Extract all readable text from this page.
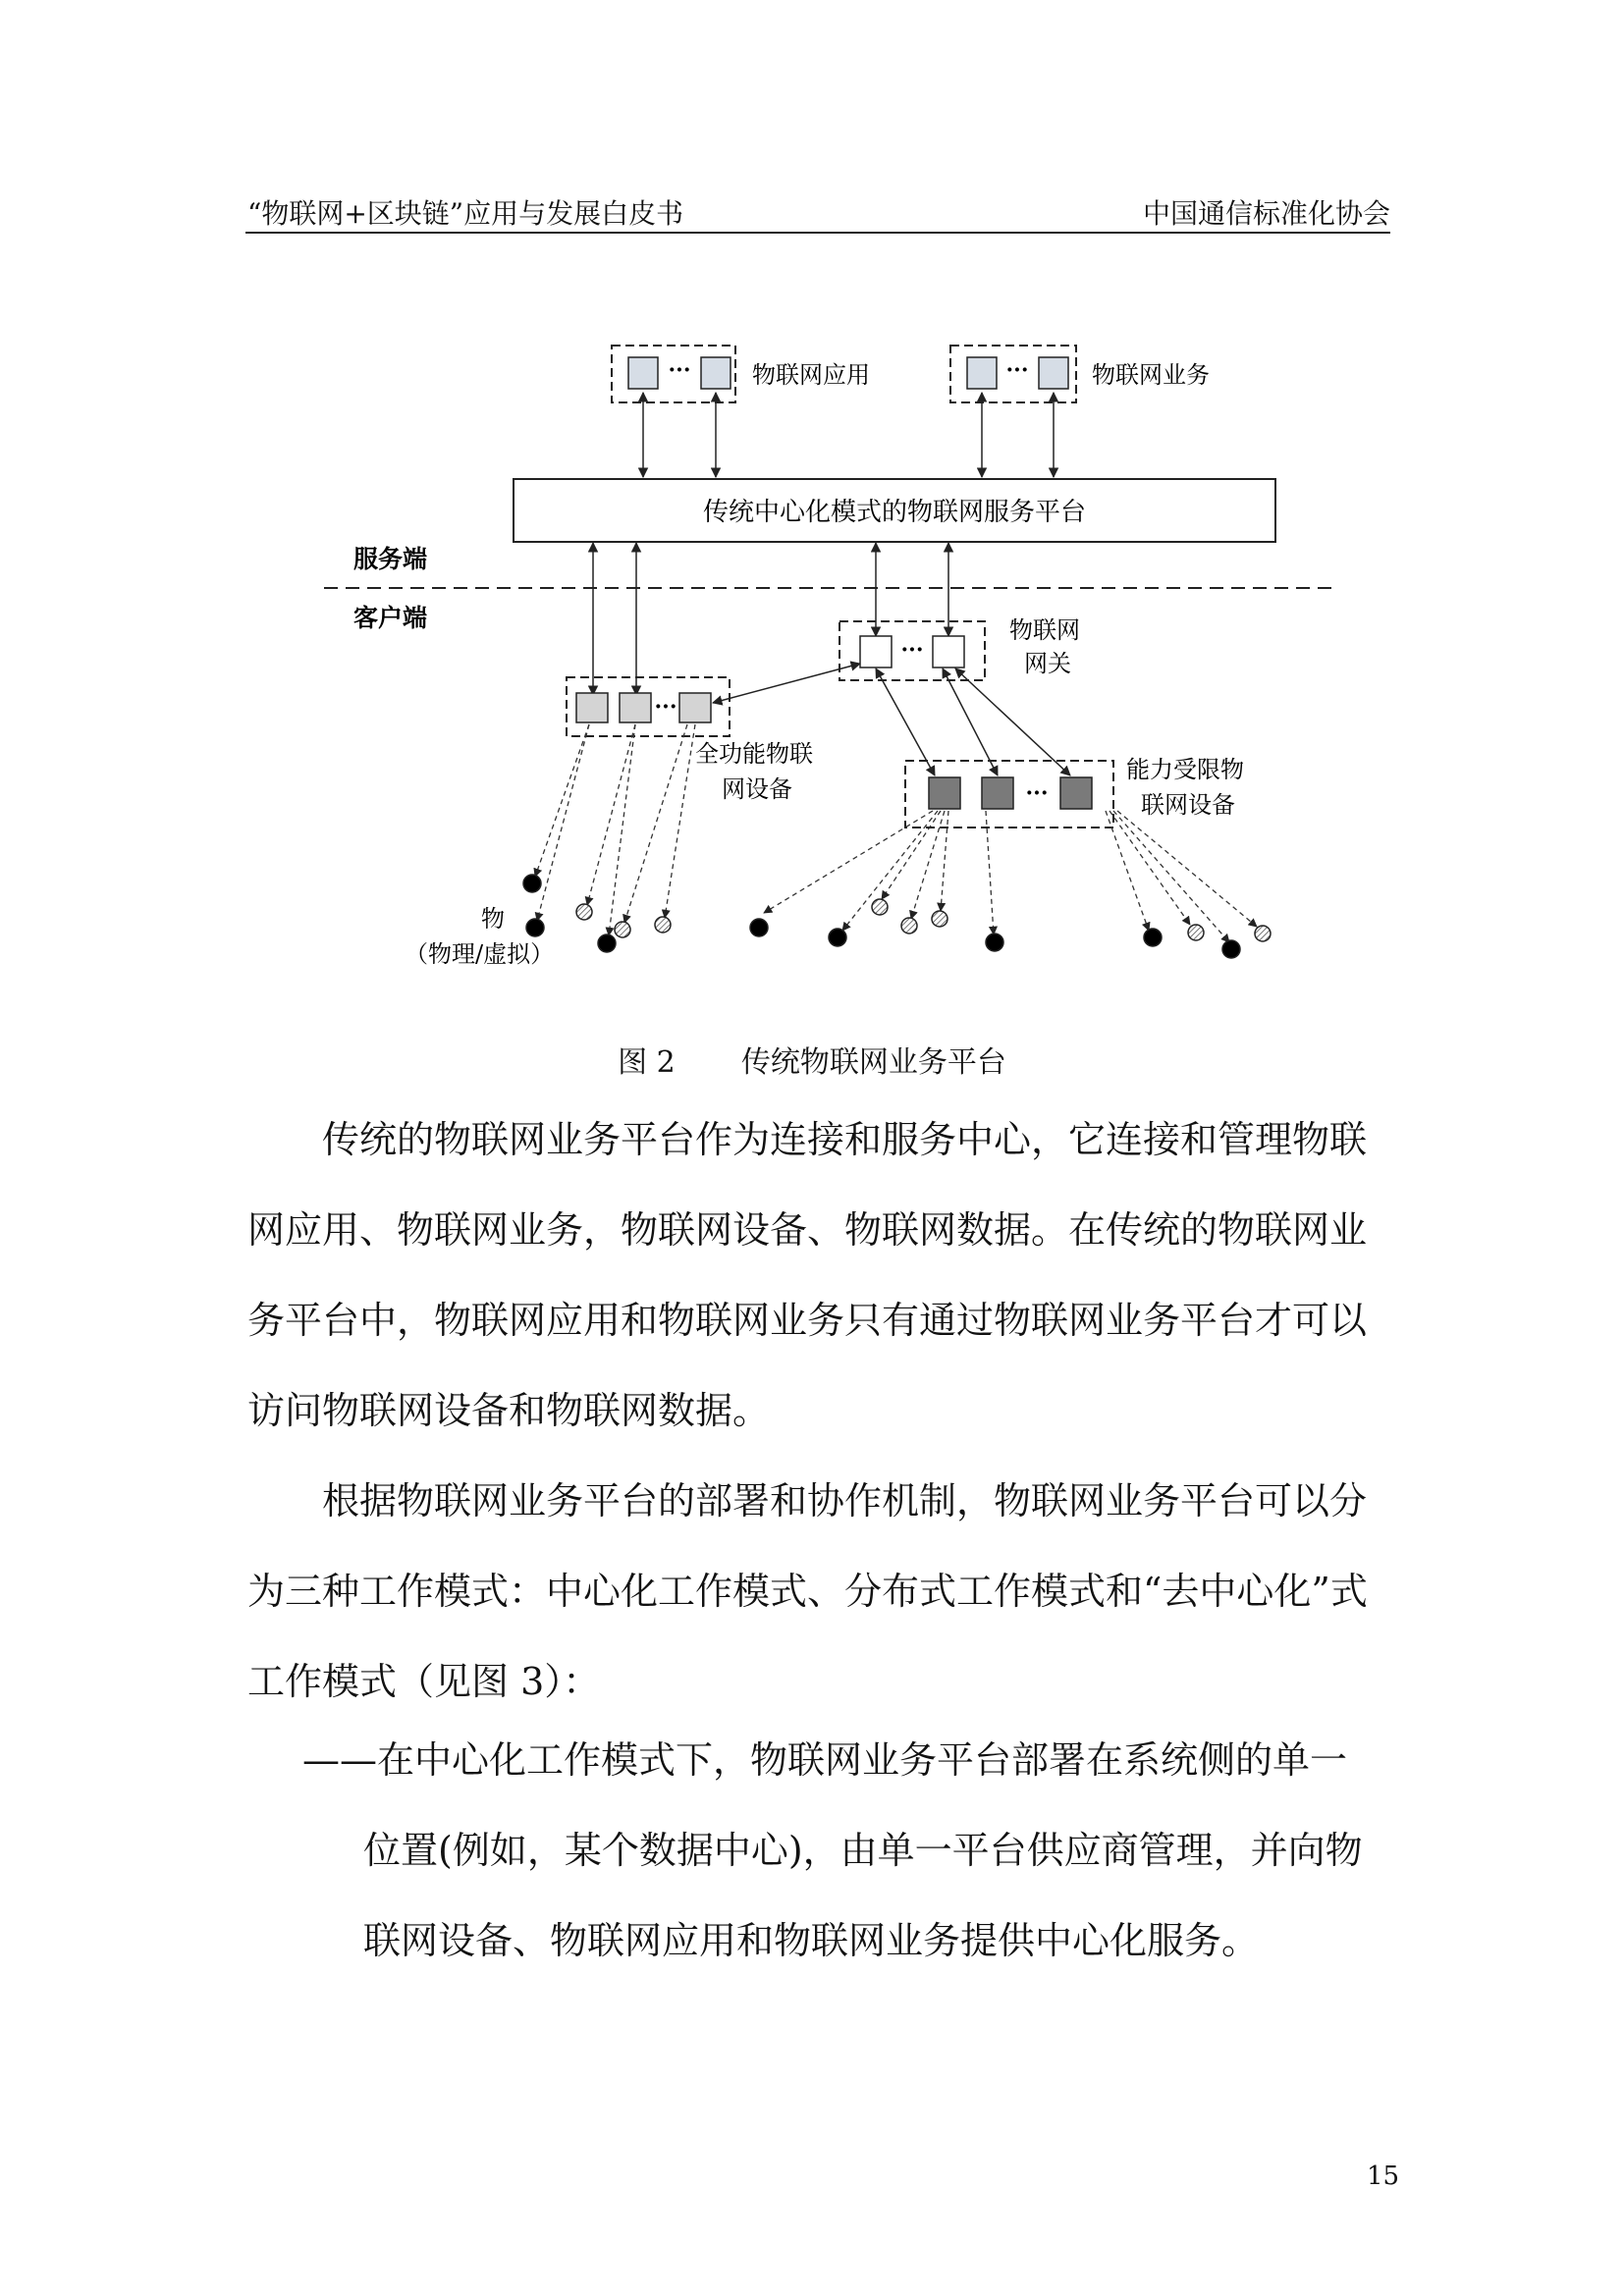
“物联网+区块链”应用与发展白皮书	中国通信标准化协会
···	物联网应用	···	物联网业务
传统中心化模式的物联网服务平台
服务端
客户端
···
物联网
网关
···
全功能物联
网设备	···
能力受限物
联网设备
物
（物理/虚拟）
图 2 传统物联网业务平台

传统的物联网业务平台作为连接和服务中心，它连接和管理物联网应用、物联网业务，物联网设备、物联网数据。在传统的物联网业务平台中，物联网应用和物联网业务只有通过物联网业务平台才可以访问物联网设备和物联网数据。

根据物联网业务平台的部署和协作机制，物联网业务平台可以分为三种工作模式：中心化工作模式、分布式工作模式和“去中心化”式工作模式（见图 3）：

——在中心化工作模式下，物联网业务平台部署在系统侧的单一
位置(例如，某个数据中心)，由单一平台供应商管理，并向物联网设备、物联网应用和物联网业务提供中心化服务。
15
